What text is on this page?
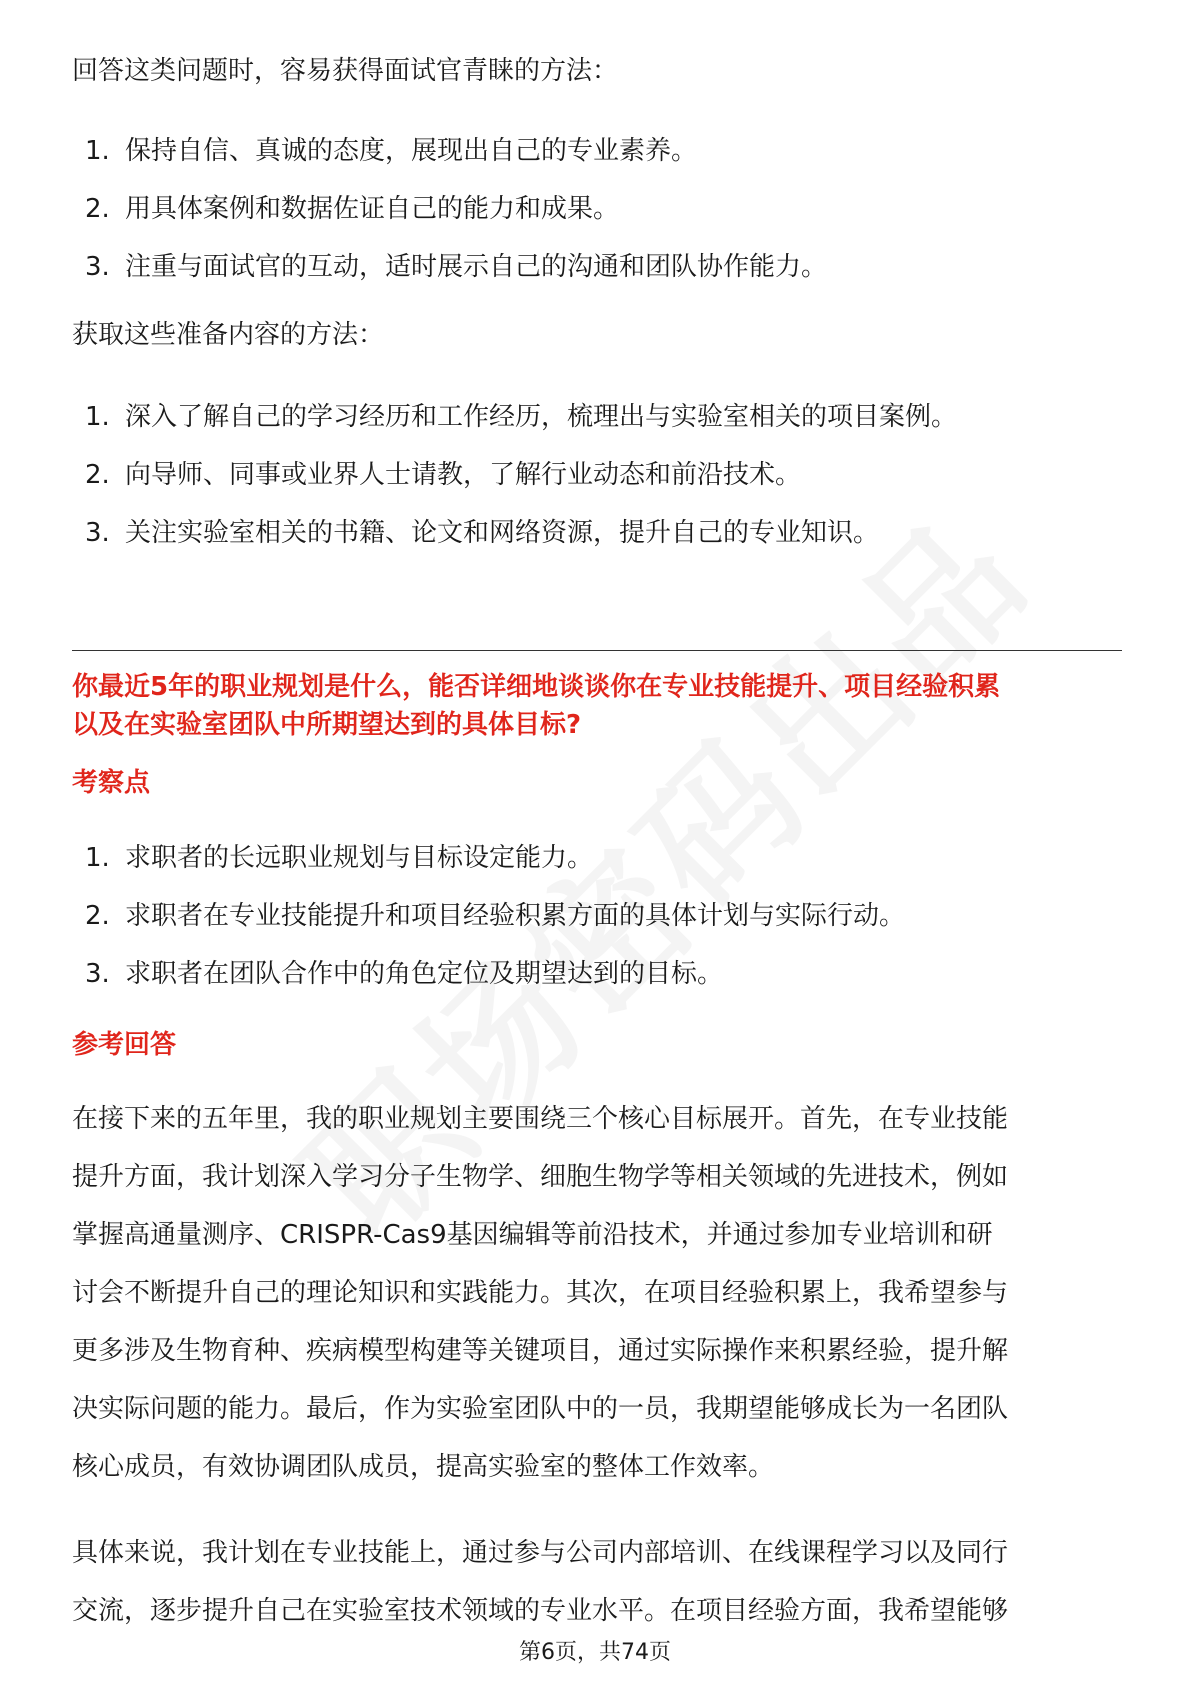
回答这类问题时，容易获得面试官青睐的方法：
1. 保持自信、真诚的态度，展现出自己的专业素养。
2. 用具体案例和数据佐证自己的能力和成果。
3. 注重与面试官的互动，适时展示自己的沟通和团队协作能力。
获取这些准备内容的方法：
1. 深入了解自己的学习经历和工作经历，梳理出与实验室相关的项目案例。
2. 向导师、同事或业界人士请教，了解行业动态和前沿技术。
3. 关注实验室相关的书籍、论文和网络资源，提升自己的专业知识。
你最近5年的职业规划是什么，能否详细地谈谈你在专业技能提升、项目经验积累
以及在实验室团队中所期望达到的具体目标?
考察点
1. 求职者的长远职业规划与目标设定能力。
2. 求职者在专业技能提升和项目经验积累方面的具体计划与实际行动。
3. 求职者在团队合作中的角色定位及期望达到的目标。
参考回答
在接下来的五年里，我的职业规划主要围绕三个核心目标展开。首先，在专业技能
提升方面，我计划深入学习分子生物学、细胞生物学等相关领域的先进技术，例如
掌握高通量测序、CRISPR-Cas9基因编辑等前沿技术，并通过参加专业培训和研
讨会不断提升自己的理论知识和实践能力。其次，在项目经验积累上，我希望参与
更多涉及生物育种、疾病模型构建等关键项目，通过实际操作来积累经验，提升解
决实际问题的能力。最后，作为实验室团队中的一员，我期望能够成长为一名团队
核心成员，有效协调团队成员，提高实验室的整体工作效率。
具体来说，我计划在专业技能上，通过参与公司内部培训、在线课程学习以及同行
交流，逐步提升自己在实验室技术领域的专业水平。在项目经验方面，我希望能够
第6页，共74页
